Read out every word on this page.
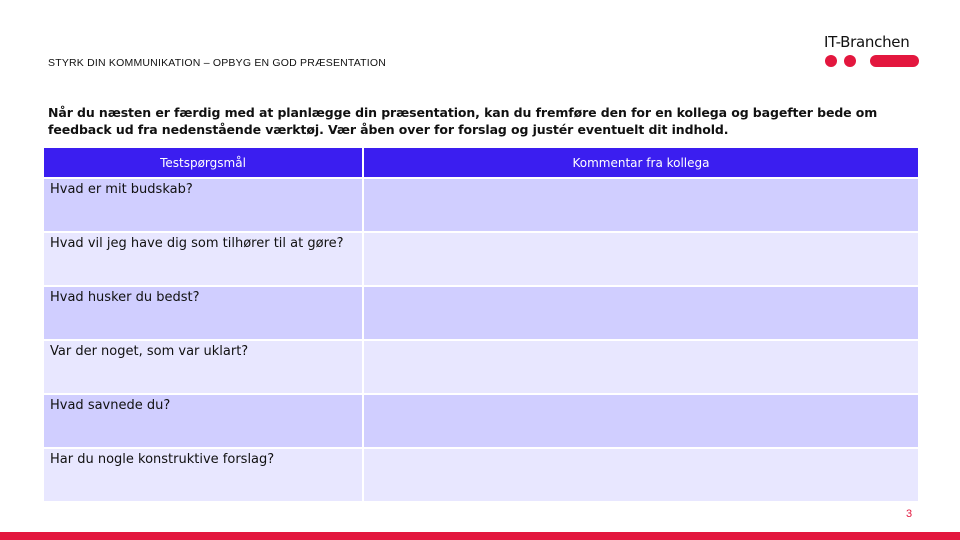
STYRK DIN KOMMUNIKATION – OPBYG EN GOD PRÆSENTATION
IT-Branchen
Når du næsten er færdig med at planlægge din præsentation, kan du fremføre den for en kollega og bagefter bede om feedback ud fra nedenstående værktøj. Vær åben over for forslag og justér eventuelt dit indhold.
Testspørgsmål	Kommentar fra kollega
Hvad er mit budskab?	
Hvad vil jeg have dig som tilhører til at gøre?	
Hvad husker du bedst?	
Var der noget, som var uklart?	
Hvad savnede du?	
Har du nogle konstruktive forslag?	
3
